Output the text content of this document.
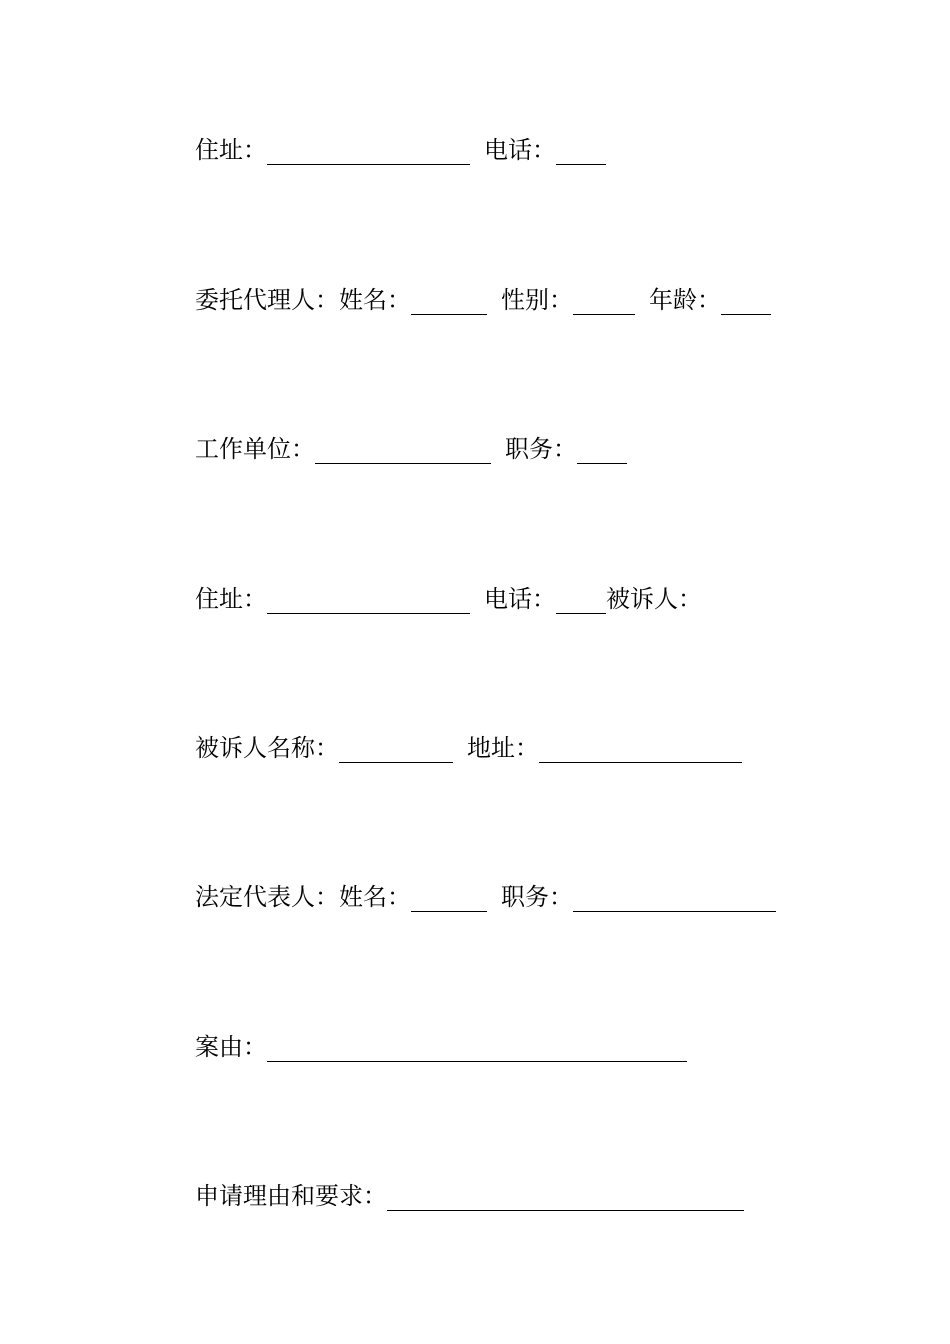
住址：	电话：
委托代理人：姓名：	性别：	年龄：
工作单位：	职务：
住址：	电话： 被诉人：
被诉人名称：	地址：
法定代表人：姓名：	职务：
案由：
申请理由和要求：
